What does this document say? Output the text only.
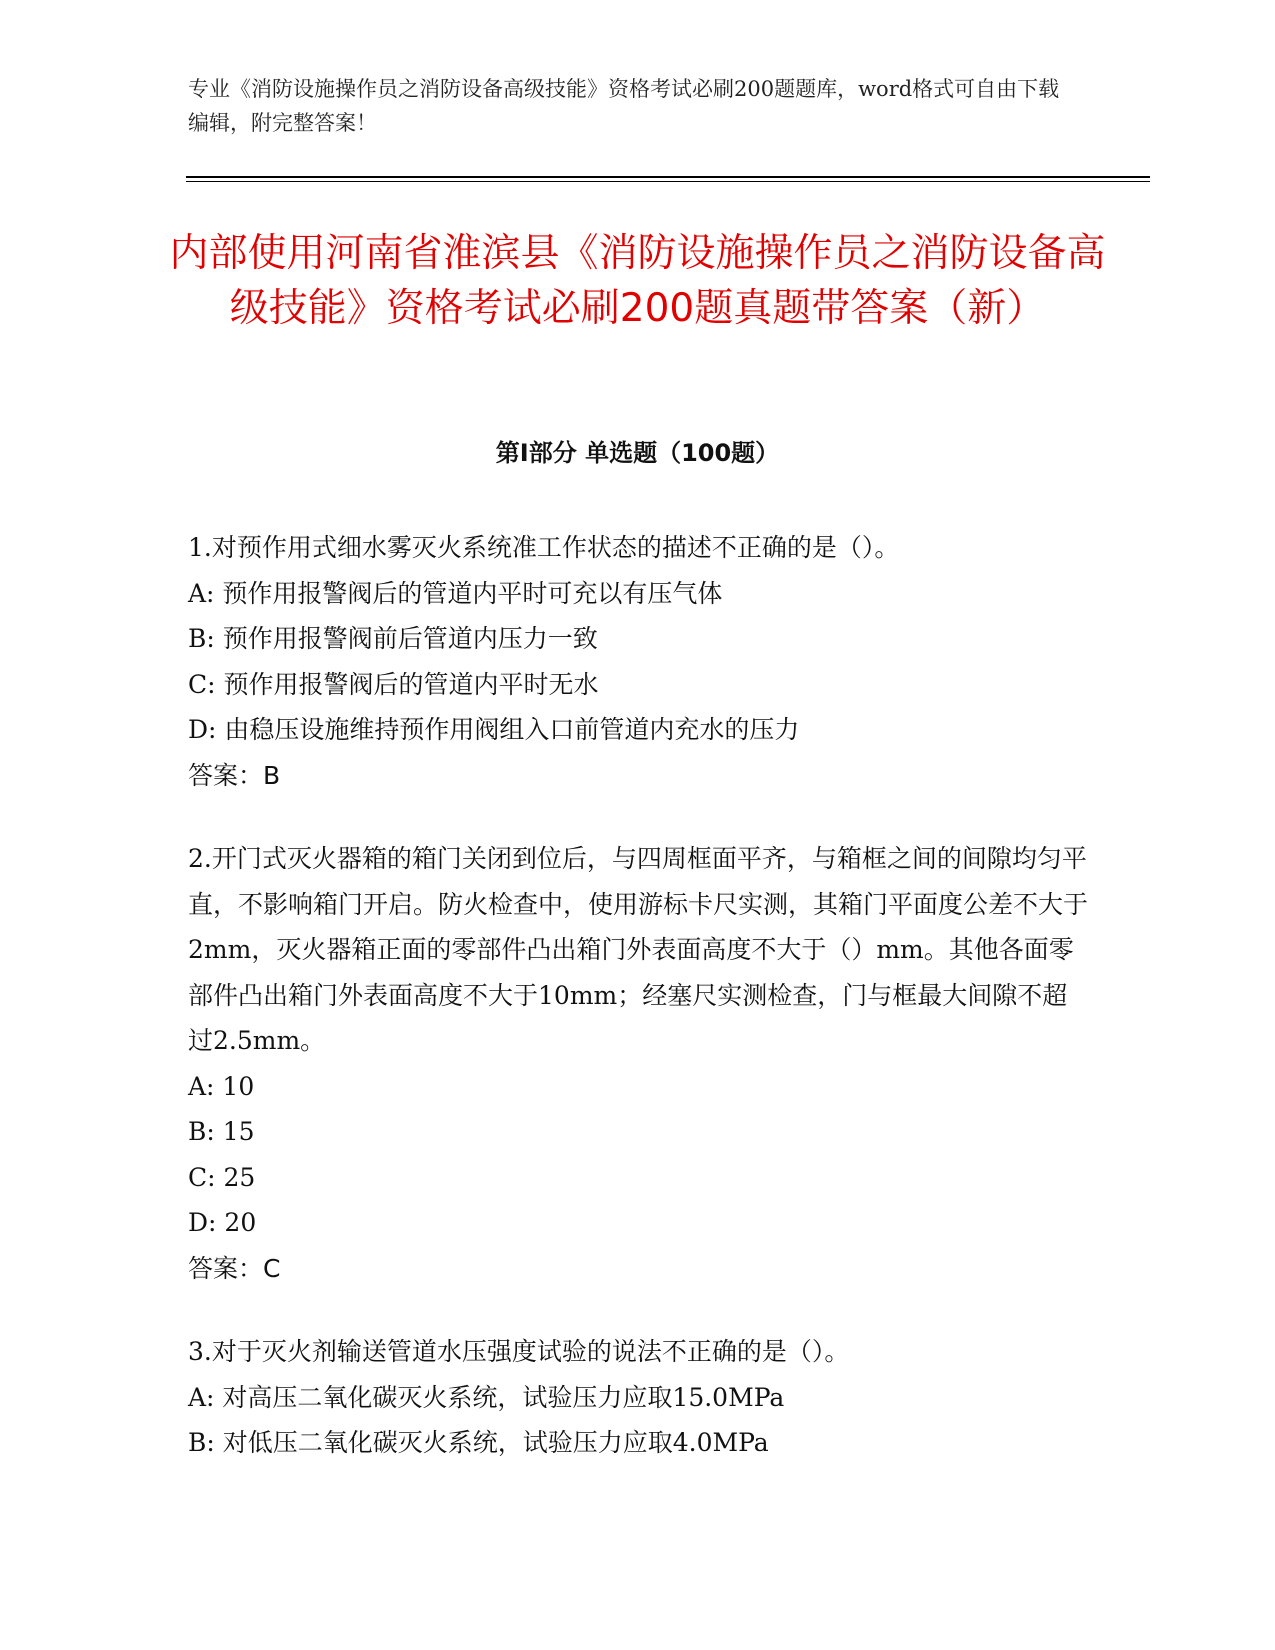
专业《消防设施操作员之消防设备高级技能》资格考试必刷200题题库，word格式可自由下载编辑，附完整答案！
内部使用河南省淮滨县《消防设施操作员之消防设备高级技能》资格考试必刷200题真题带答案（新）
第Ⅰ部分 单选题（100题）

1.对预作用式细水雾灭火系统准工作状态的描述不正确的是（）。

A: 预作用报警阀后的管道内平时可充以有压气体

B: 预作用报警阀前后管道内压力一致

C: 预作用报警阀后的管道内平时无水

D: 由稳压设施维持预作用阀组入口前管道内充水的压力

答案：B

2.开门式灭火器箱的箱门关闭到位后，与四周框面平齐，与箱框之间的间隙均匀平直，不影响箱门开启。防火检查中，使用游标卡尺实测，其箱门平面度公差不大于2mm，灭火器箱正面的零部件凸出箱门外表面高度不大于（）mm。其他各面零部件凸出箱门外表面高度不大于10mm；经塞尺实测检查，门与框最大间隙不超过2.5mm。

A: 10

B: 15

C: 25

D: 20

答案：C

3.对于灭火剂输送管道水压强度试验的说法不正确的是（）。

A: 对高压二氧化碳灭火系统，试验压力应取15.0MPa

B: 对低压二氧化碳灭火系统，试验压力应取4.0MPa
